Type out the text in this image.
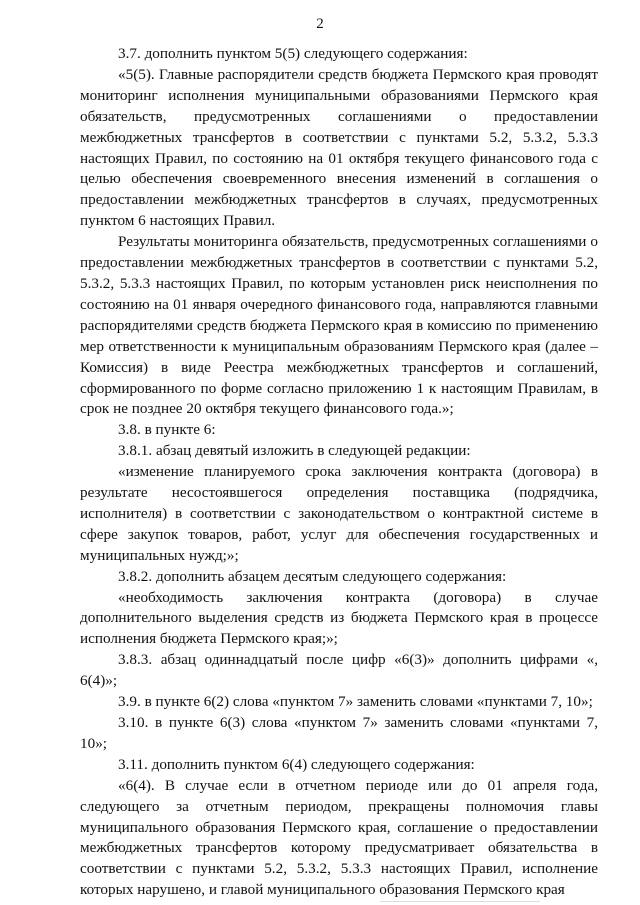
2

3.7. дополнить пунктом 5(5) следующего содержания:

«5(5). Главные распорядители средств бюджета Пермского края проводят мониторинг исполнения муниципальными образованиями Пермского края обязательств, предусмотренных соглашениями о предоставлении межбюджетных трансфертов в соответствии с пунктами 5.2, 5.3.2, 5.3.3 настоящих Правил, по состоянию на 01 октября текущего финансового года с целью обеспечения своевременного внесения изменений в соглашения о предоставлении межбюджетных трансфертов в случаях, предусмотренных пунктом 6 настоящих Правил.

Результаты мониторинга обязательств, предусмотренных соглашениями о предоставлении межбюджетных трансфертов в соответствии с пунктами 5.2, 5.3.2, 5.3.3 настоящих Правил, по которым установлен риск неисполнения по состоянию на 01 января очередного финансового года, направляются главными распорядителями средств бюджета Пермского края в комиссию по применению мер ответственности к муниципальным образованиям Пермского края (далее – Комиссия) в виде Реестра межбюджетных трансфертов и соглашений, сформированного по форме согласно приложению 1 к настоящим Правилам, в срок не позднее 20 октября текущего финансового года.»;

3.8. в пункте 6:

3.8.1. абзац девятый изложить в следующей редакции:

«изменение планируемого срока заключения контракта (договора) в результате несостоявшегося определения поставщика (подрядчика, исполнителя) в соответствии с законодательством о контрактной системе в сфере закупок товаров, работ, услуг для обеспечения государственных и муниципальных нужд;»;

3.8.2. дополнить абзацем десятым следующего содержания:

«необходимость заключения контракта (договора) в случае дополнительного выделения средств из бюджета Пермского края в процессе исполнения бюджета Пермского края;»;

3.8.3. абзац одиннадцатый после цифр «6(3)» дополнить цифрами «, 6(4)»;

3.9. в пункте 6(2) слова «пунктом 7» заменить словами «пунктами 7, 10»;

3.10. в пункте 6(3) слова «пунктом 7» заменить словами «пунктами 7, 10»;

3.11. дополнить пунктом 6(4) следующего содержания:

«6(4). В случае если в отчетном периоде или до 01 апреля года, следующего за отчетным периодом, прекращены полномочия главы муниципального образования Пермского края, соглашение о предоставлении межбюджетных трансфертов которому предусматривает обязательства в соответствии с пунктами 5.2, 5.3.2, 5.3.3 настоящих Правил, исполнение которых нарушено, и главой муниципального образования Пермского края
